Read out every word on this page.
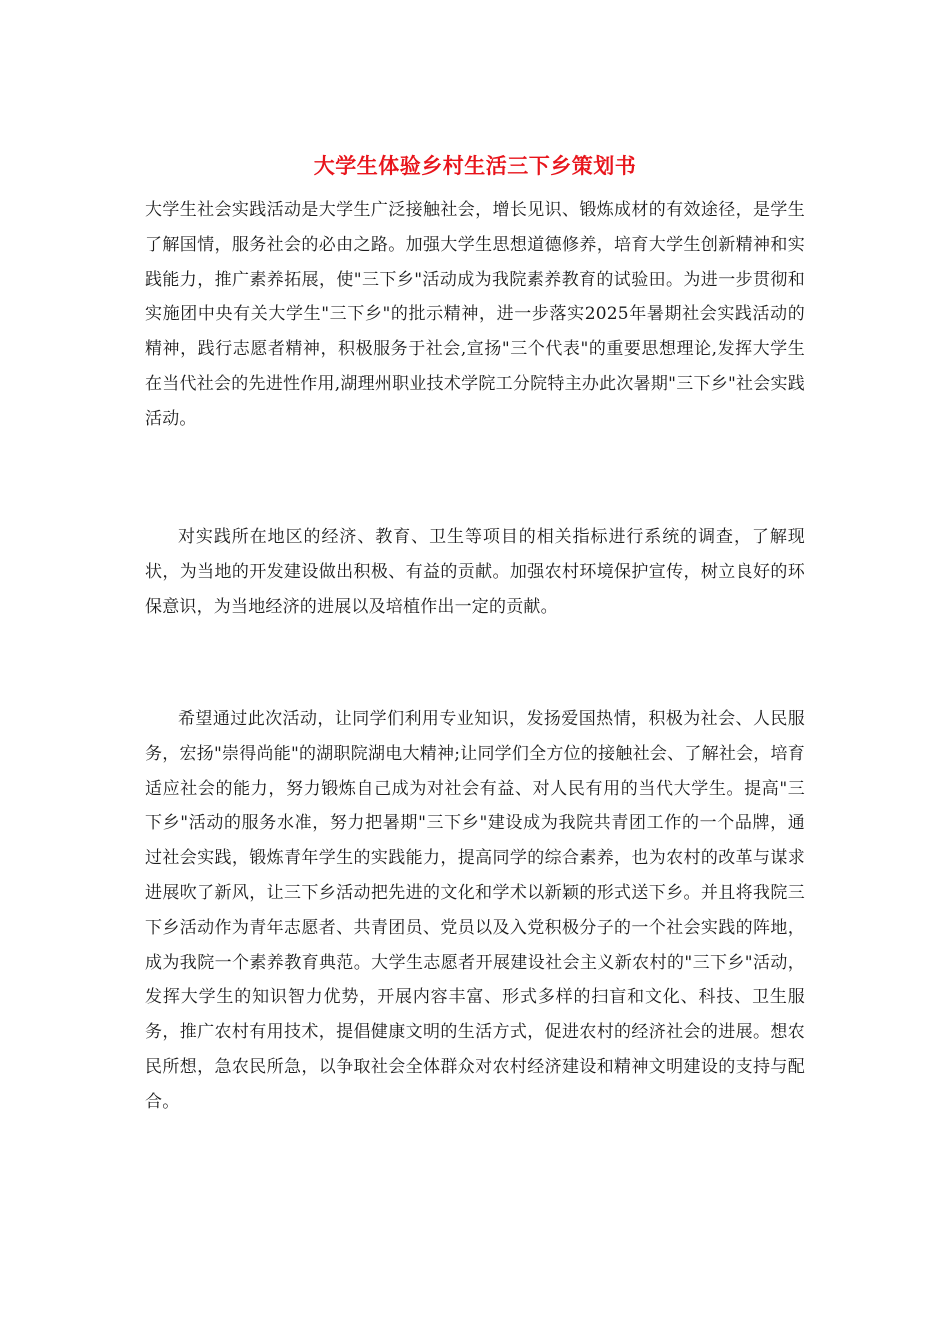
大学生体验乡村生活三下乡策划书

大学生社会实践活动是大学生广泛接触社会，增长见识、锻炼成材的有效途径，是学生了解国情，服务社会的必由之路。加强大学生思想道德修养，培育大学生创新精神和实践能力，推广素养拓展，使"三下乡"活动成为我院素养教育的试验田。为进一步贯彻和实施团中央有关大学生"三下乡"的批示精神，进一步落实2025年暑期社会实践活动的精神，践行志愿者精神，积极服务于社会,宣扬"三个代表"的重要思想理论,发挥大学生在当代社会的先进性作用,湖理州职业技术学院工分院特主办此次暑期"三下乡"社会实践活动。

对实践所在地区的经济、教育、卫生等项目的相关指标进行系统的调查，了解现状，为当地的开发建设做出积极、有益的贡献。加强农村环境保护宣传，树立良好的环保意识，为当地经济的进展以及培植作出一定的贡献。

希望通过此次活动，让同学们利用专业知识，发扬爱国热情，积极为社会、人民服务，宏扬"崇得尚能"的湖职院湖电大精神;让同学们全方位的接触社会、了解社会，培育适应社会的能力，努力锻炼自己成为对社会有益、对人民有用的当代大学生。提高"三下乡"活动的服务水准，努力把暑期"三下乡"建设成为我院共青团工作的一个品牌，通过社会实践，锻炼青年学生的实践能力，提高同学的综合素养，也为农村的改革与谋求进展吹了新风，让三下乡活动把先进的文化和学术以新颖的形式送下乡。并且将我院三下乡活动作为青年志愿者、共青团员、党员以及入党积极分子的一个社会实践的阵地，成为我院一个素养教育典范。大学生志愿者开展建设社会主义新农村的"三下乡"活动，发挥大学生的知识智力优势，开展内容丰富、形式多样的扫盲和文化、科技、卫生服务，推广农村有用技术，提倡健康文明的生活方式，促进农村的经济社会的进展。想农民所想，急农民所急，以争取社会全体群众对农村经济建设和精神文明建设的支持与配合。
